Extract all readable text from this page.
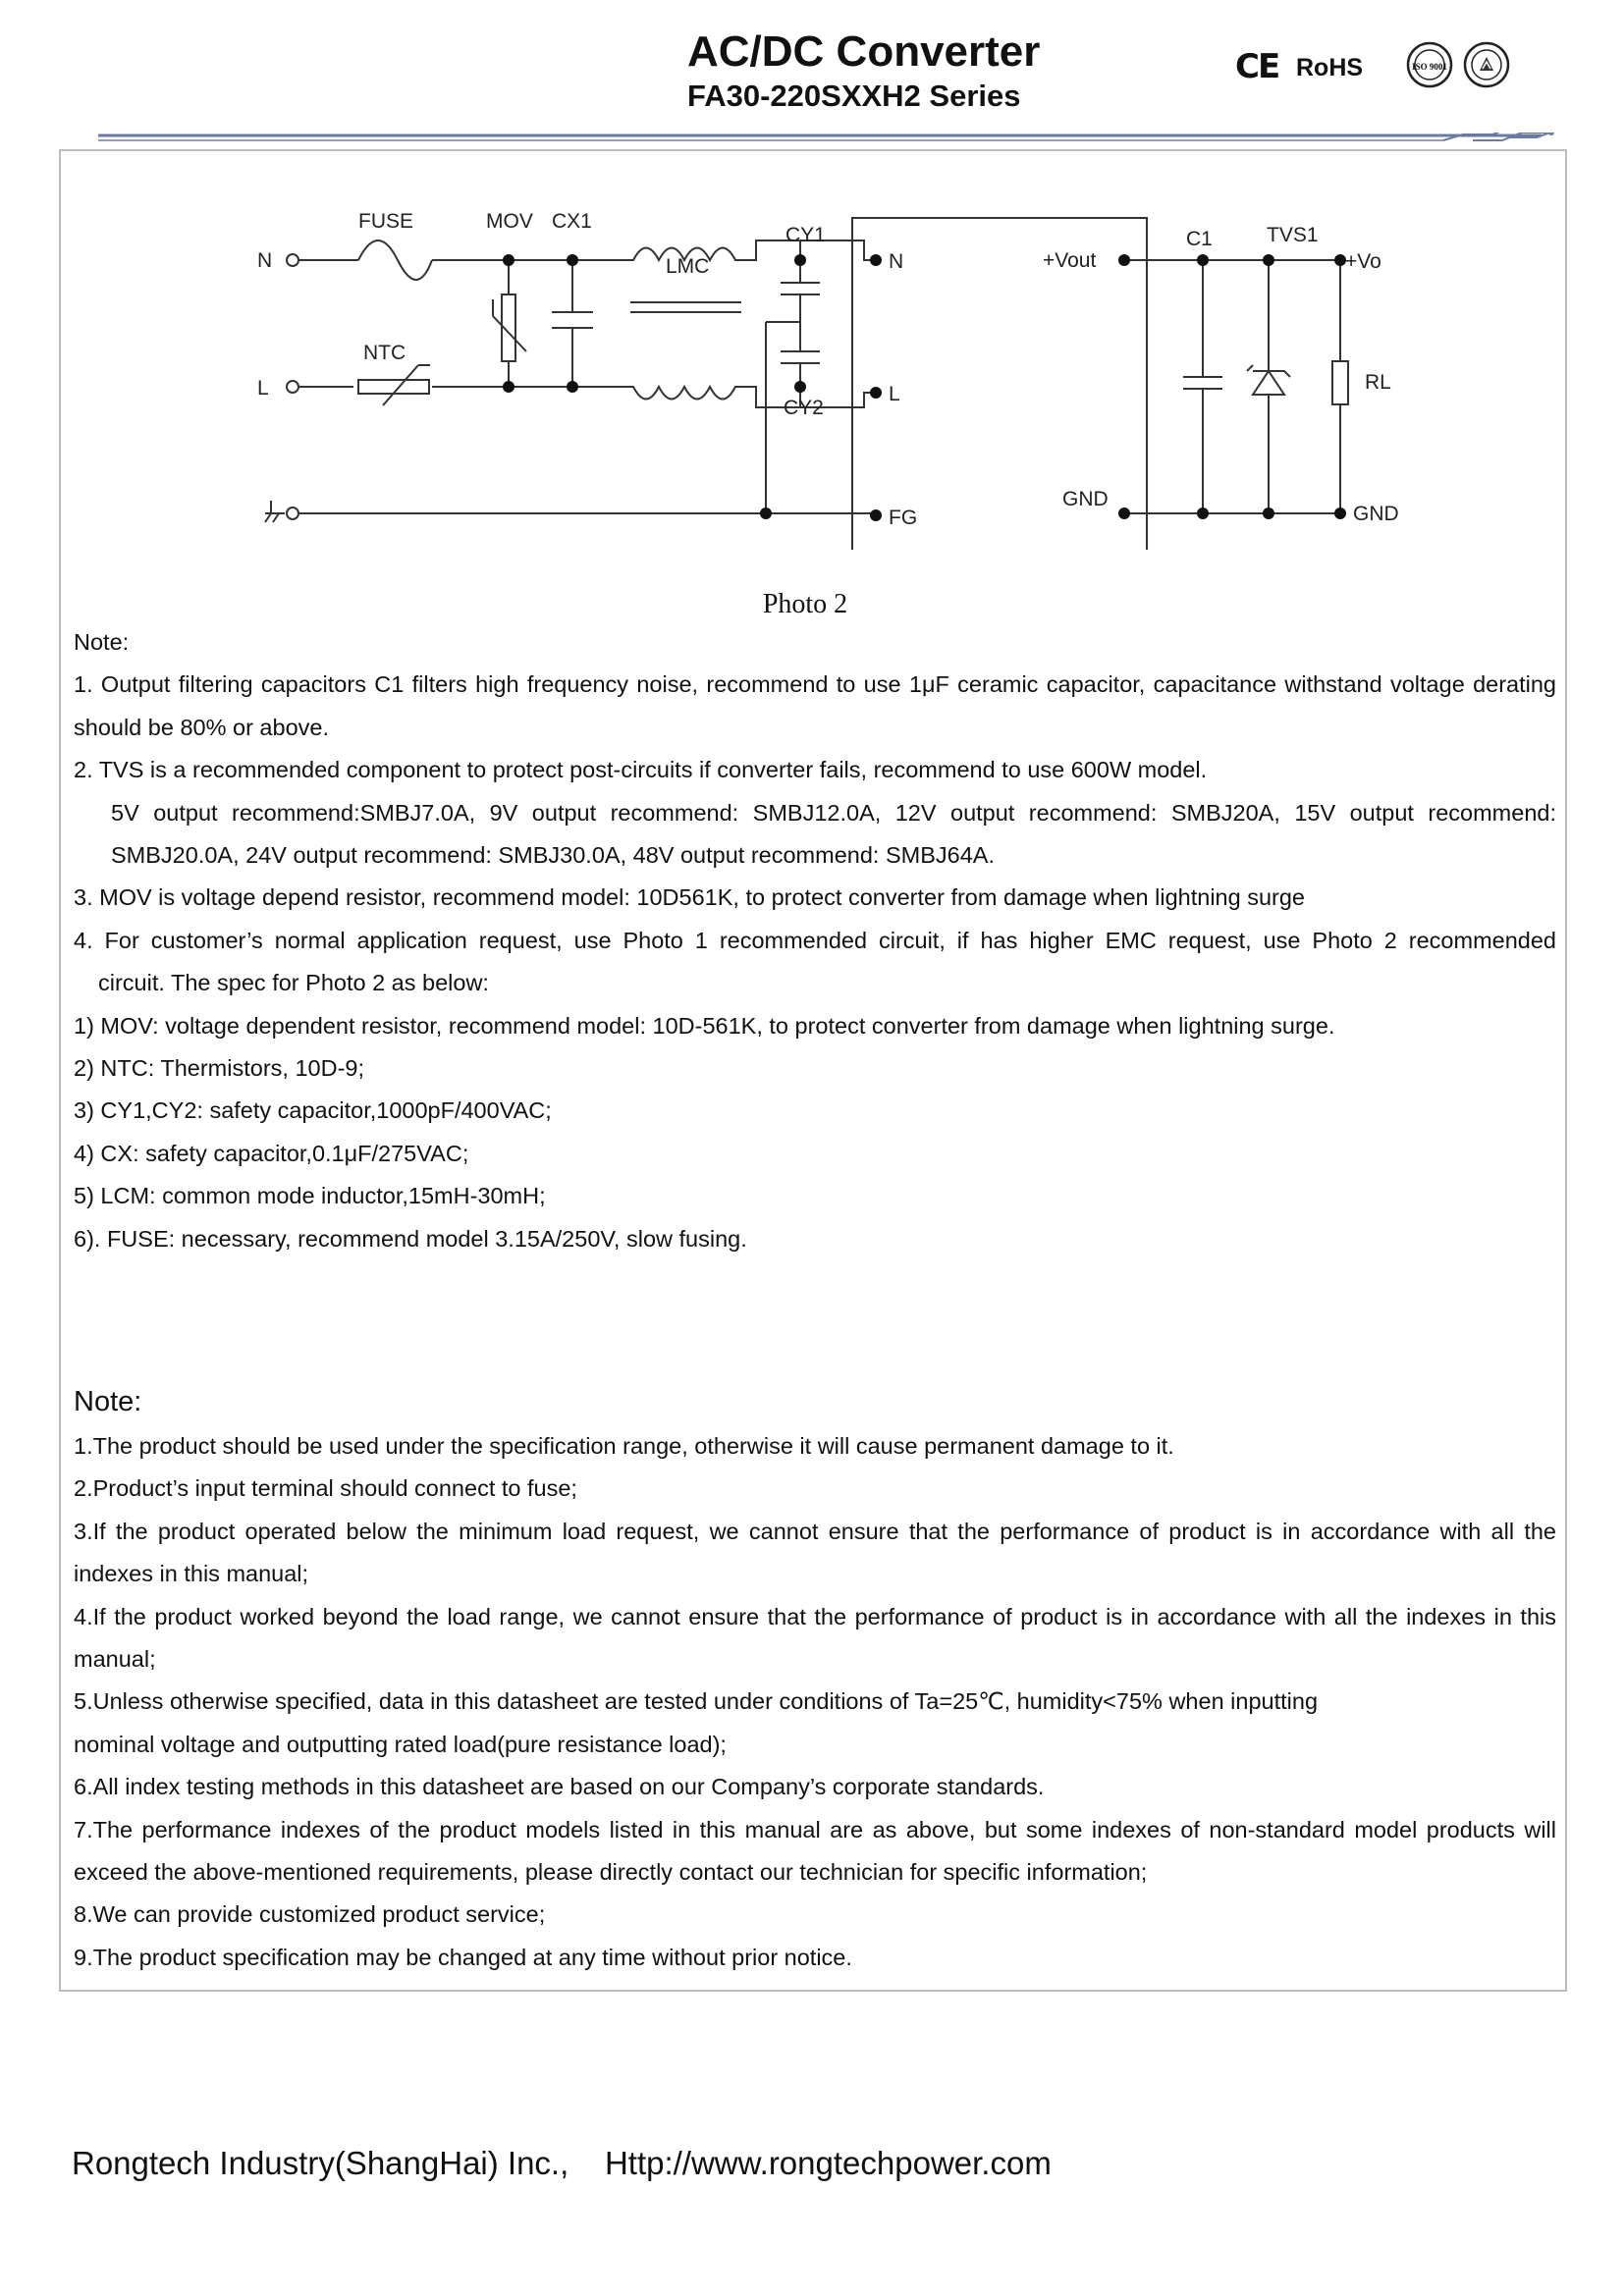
AC/DC Converter
FA30-220SXXH2 Series
CE RoHS	ISO 9001
N
L
FUSE	MOV CX1
LMC
CY1
NTC
CY2
N
L
FG
+Vout
GND
C1	TVS1
+Vo
RL
GND
Photo 2

Note:

1. Output filtering capacitors C1 filters high frequency noise, recommend to use 1μF ceramic capacitor, capacitance withstand voltage derating should be 80% or above.

2. TVS is a recommended component to protect post-circuits if converter fails, recommend to use 600W model.

5V output recommend:SMBJ7.0A, 9V output recommend: SMBJ12.0A, 12V output recommend: SMBJ20A, 15V output recommend: SMBJ20.0A, 24V output recommend: SMBJ30.0A, 48V output recommend: SMBJ64A.

3. MOV is voltage depend resistor, recommend model: 10D561K, to protect converter from damage when lightning surge

4. For customer’s normal application request, use Photo 1 recommended circuit, if has higher EMC request, use Photo 2 recommended

circuit. The spec for Photo 2 as below:

1) MOV: voltage dependent resistor, recommend model: 10D-561K, to protect converter from damage when lightning surge.

2) NTC: Thermistors, 10D-9;

3) CY1,CY2: safety capacitor,1000pF/400VAC;

4) CX: safety capacitor,0.1μF/275VAC;

5) LCM: common mode inductor,15mH-30mH;

6). FUSE: necessary, recommend model 3.15A/250V, slow fusing.

Note:

1.The product should be used under the specification range, otherwise it will cause permanent damage to it.

2.Product’s input terminal should connect to fuse;

3.If the product operated below the minimum load request, we cannot ensure that the performance of product is in accordance with all the indexes in this manual;

4.If the product worked beyond the load range, we cannot ensure that the performance of product is in accordance with all the indexes in this manual;

5.Unless otherwise specified, data in this datasheet are tested under conditions of Ta=25℃, humidity<75% when inputting

nominal voltage and outputting rated load(pure resistance load);

6.All index testing methods in this datasheet are based on our Company’s corporate standards.

7.The performance indexes of the product models listed in this manual are as above, but some indexes of non-standard model products will exceed the above-mentioned requirements, please directly contact our technician for specific information;

8.We can provide customized product service;

9.The product specification may be changed at any time without prior notice.

Rongtech Industry(ShangHai) Inc., Http://www.rongtechpower.com
